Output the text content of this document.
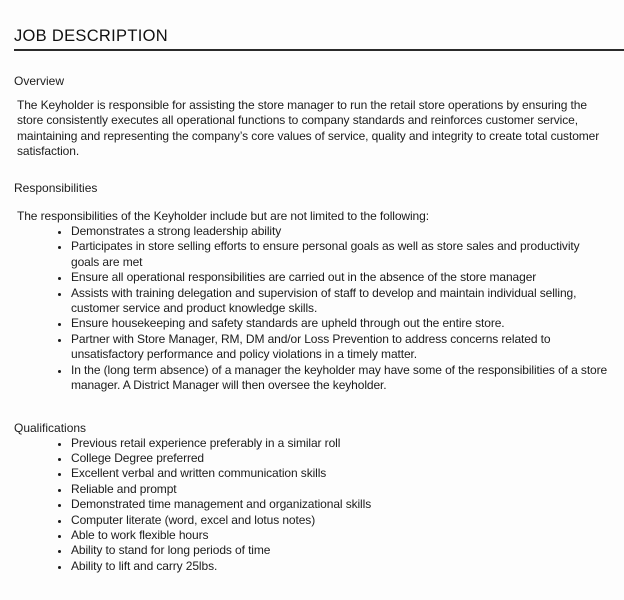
JOB DESCRIPTION
Overview

The Keyholder is responsible for assisting the store manager to run the retail store operations by ensuring the store consistently executes all operational functions to company standards and reinforces customer service, maintaining and representing the company’s core values of service, quality and integrity to create total customer satisfaction.

Responsibilities

The responsibilities of the Keyholder include but are not limited to the following:

• Demonstrates a strong leadership ability
• Participates in store selling efforts to ensure personal goals as well as store sales and productivity goals are met
• Ensure all operational responsibilities are carried out in the absence of the store manager
• Assists with training delegation and supervision of staff to develop and maintain individual selling, customer service and product knowledge skills.
• Ensure housekeeping and safety standards are upheld through out the entire store.
• Partner with Store Manager, RM, DM and/or Loss Prevention to address concerns related to unsatisfactory performance and policy violations in a timely matter.
• In the (long term absence) of a manager the keyholder may have some of the responsibilities of a store manager. A District Manager will then oversee the keyholder.
Qualifications
• Previous retail experience preferably in a similar roll
• College Degree preferred
• Excellent verbal and written communication skills
• Reliable and prompt
• Demonstrated time management and organizational skills
• Computer literate (word, excel and lotus notes)
• Able to work flexible hours
• Ability to stand for long periods of time
• Ability to lift and carry 25lbs.
